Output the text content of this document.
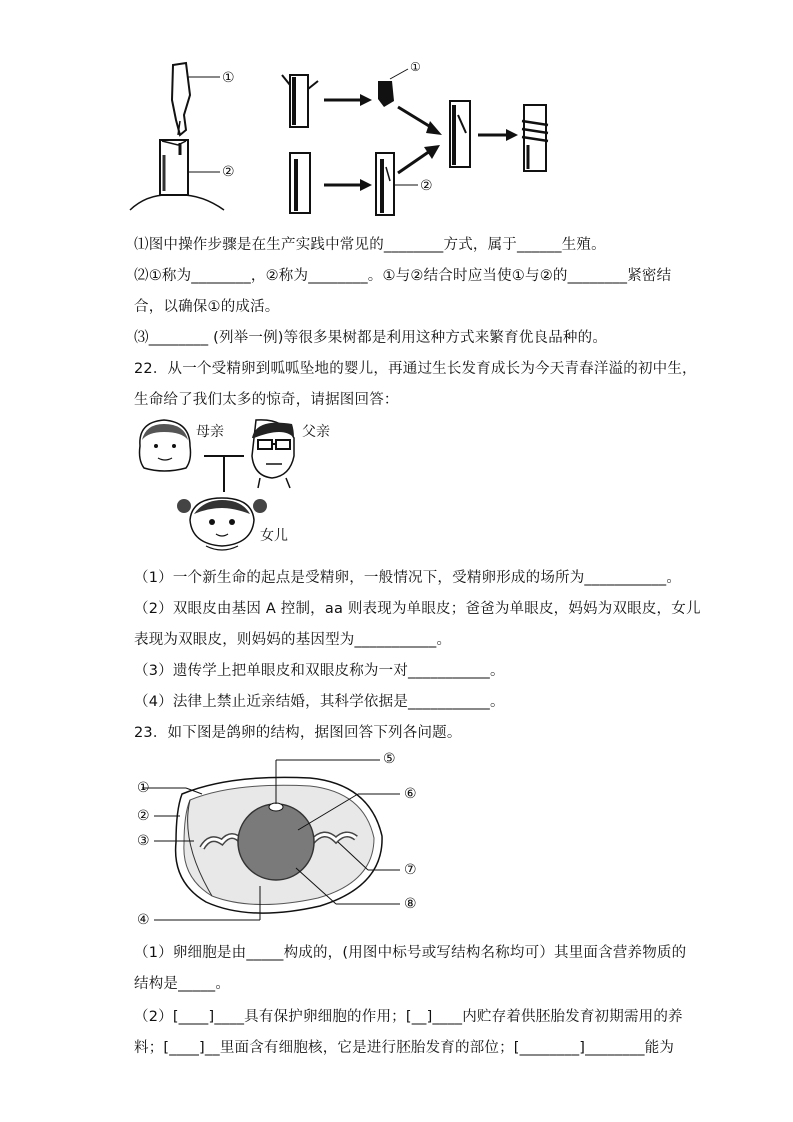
①
②
①
②
⑴图中操作步骤是在生产实践中常见的________方式，属于______生殖。
⑵①称为________，②称为________。①与②结合时应当使①与②的________紧密结
合，以确保①的成活。
⑶________ (列举一例)等很多果树都是利用这种方式来繁育优良品种的。
22．从一个受精卵到呱呱坠地的婴儿，再通过生长发育成长为今天青春洋溢的初中生，
生命给了我们太多的惊奇，请据图回答：
母亲	父亲
女儿
（1）一个新生命的起点是受精卵，一般情况下，受精卵形成的场所为___________。
（2）双眼皮由基因 A 控制，aa 则表现为单眼皮；爸爸为单眼皮，妈妈为双眼皮，女儿
表现为双眼皮，则妈妈的基因型为___________。
（3）遗传学上把单眼皮和双眼皮称为一对___________。
（4）法律上禁止近亲结婚，其科学依据是___________。
23．如下图是鸽卵的结构，据图回答下列各问题。
①
②
③
④
⑤
⑥
⑦
⑧
（1）卵细胞是由_____构成的，(用图中标号或写结构名称均可）其里面含营养物质的
结构是_____。
（2）[____]____具有保护卵细胞的作用；[__]____内贮存着供胚胎发育初期需用的养
料；[____]__里面含有细胞核，它是进行胚胎发育的部位；[________]________能为
